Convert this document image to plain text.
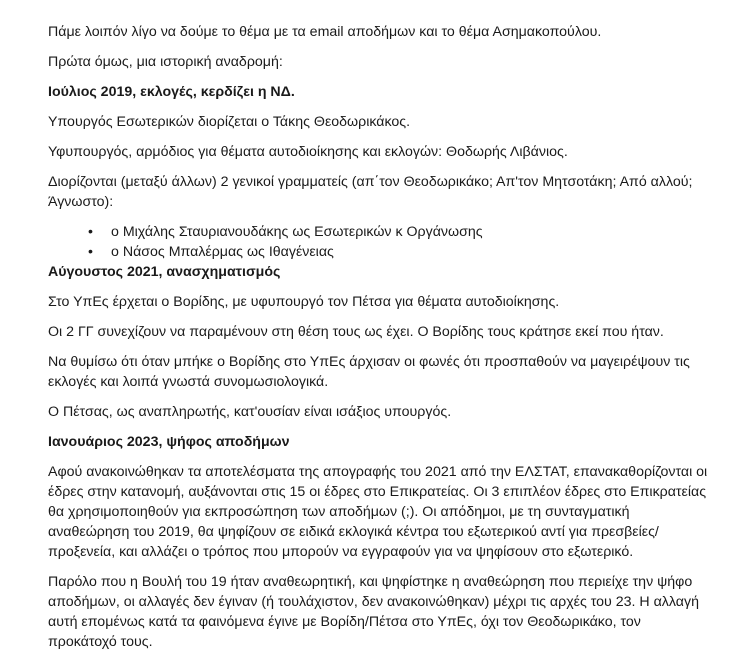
Πάμε λοιπόν λίγο να δούμε το θέμα με τα email αποδήμων και το θέμα Ασημακοπούλου.

Πρώτα όμως, μια ιστορική αναδρομή:

Ιούλιος 2019, εκλογές, κερδίζει η ΝΔ.

Υπουργός Εσωτερικών διορίζεται ο Τάκης Θεοδωρικάκος.

Υφυπουργός, αρμόδιος για θέματα αυτοδιοίκησης και εκλογών: Θοδωρής Λιβάνιος.

Διορίζονται (μεταξύ άλλων) 2 γενικοί γραμματείς (απ΄τον Θεοδωρικάκο; Απ'τον Μητσοτάκη; Από αλλού; Άγνωστο):

•	ο Μιχάλης Σταυριανουδάκης ως Εσωτερικών κ Οργάνωσης
•	ο Νάσος Μπαλέρμας ως Ιθαγένειας

Αύγουστος 2021, ανασχηματισμός

Στο ΥπΕς έρχεται ο Βορίδης, με υφυπουργό τον Πέτσα για θέματα αυτοδιοίκησης.

Οι 2 ΓΓ συνεχίζουν να παραμένουν στη θέση τους ως έχει. Ο Βορίδης τους κράτησε εκεί που ήταν.

Να θυμίσω ότι όταν μπήκε ο Βορίδης στο ΥπΕς άρχισαν οι φωνές ότι προσπαθούν να μαγειρέψουν τις εκλογές και λοιπά γνωστά συνομωσιολογικά.

Ο Πέτσας, ως αναπληρωτής, κατ'ουσίαν είναι ισάξιος υπουργός.

Ιανουάριος 2023, ψήφος αποδήμων

Αφού ανακοινώθηκαν τα αποτελέσματα της απογραφής του 2021 από την ΕΛΣΤΑΤ, επανακαθορίζονται οι έδρες στην κατανομή, αυξάνονται στις 15 οι έδρες στο Επικρατείας. Οι 3 επιπλέον έδρες στο Επικρατείας θα χρησιμοποιηθούν για εκπροσώπηση των αποδήμων (;). Οι απόδημοι, με τη συνταγματική αναθεώρηση του 2019, θα ψηφίζουν σε ειδικά εκλογικά κέντρα του εξωτερικού αντί για πρεσβείες/προξενεία, και αλλάζει ο τρόπος που μπορούν να εγγραφούν για να ψηφίσουν στο εξωτερικό.

Παρόλο που η Βουλή του 19 ήταν αναθεωρητική, και ψηφίστηκε η αναθεώρηση που περιείχε την ψήφο αποδήμων, οι αλλαγές δεν έγιναν (ή τουλάχιστον, δεν ανακοινώθηκαν) μέχρι τις αρχές του 23. Η αλλαγή αυτή επομένως κατά τα φαινόμενα έγινε με Βορίδη/Πέτσα στο ΥπΕς, όχι τον Θεοδωρικάκο, τον προκάτοχό τους.
